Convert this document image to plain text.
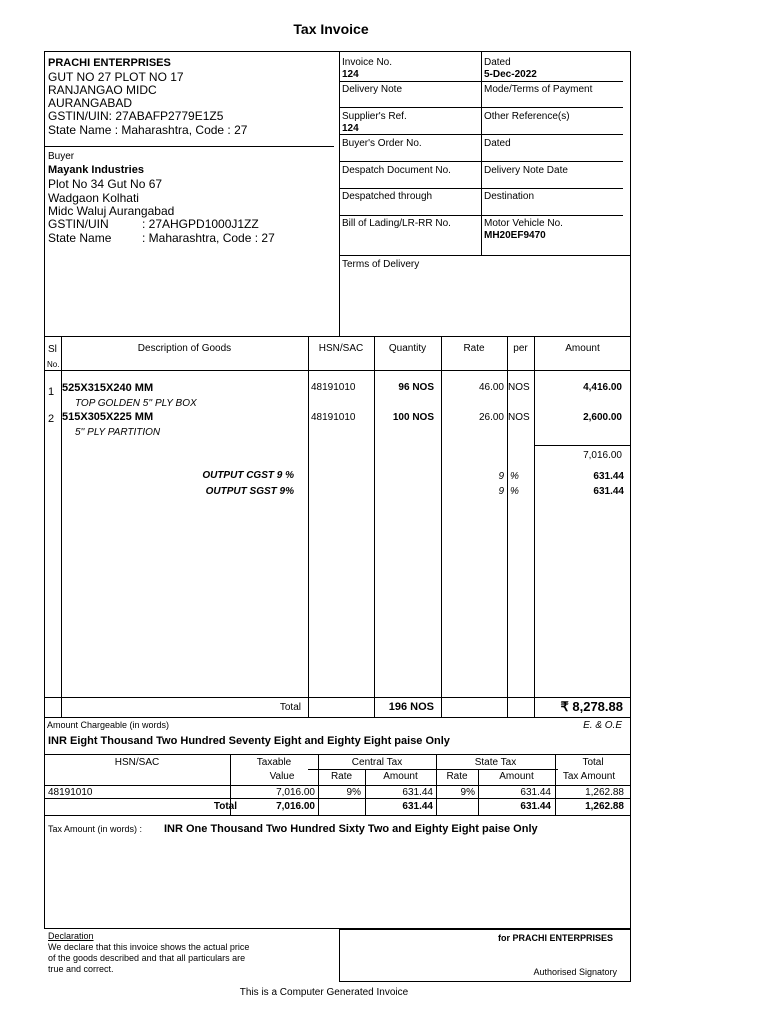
Tax Invoice
PRACHI ENTERPRISES
GUT NO 27 PLOT NO 17
RANJANGAO MIDC
AURANGABAD
GSTIN/UIN: 27ABAFP2779E1Z5
State Name : Maharashtra, Code : 27
Buyer
Mayank Industries
Plot No 34 Gut No 67
Wadgaon Kolhati
Midc Waluj Aurangabad
GSTIN/UIN	: 27AHGPD1000J1ZZ
State Name	: Maharashtra, Code : 27
Invoice No.
124
Dated
5-Dec-2022
Delivery Note	Mode/Terms of Payment
Supplier's Ref.
124
Other Reference(s)
Buyer's Order No.	Dated
Despatch Document No.	Delivery Note Date
Despatched through	Destination
Bill of Lading/LR-RR No.	Motor Vehicle No.
MH20EF9470
Terms of Delivery
Sl
No.
Description of Goods	HSN/SAC	Quantity	Rate	per	Amount
1 525X315X240 MM
TOP GOLDEN 5'' PLY BOX
48191010	96 NOS	46.00 NOS	4,416.00
2 515X305X225 MM
5'' PLY PARTITION
48191010	100 NOS	26.00 NOS	2,600.00
7,016.00
OUTPUT CGST 9 %	9 %	631.44
OUTPUT SGST 9%	9 %	631.44
Total	196 NOS	₹ 8,278.88
Amount Chargeable (in words)	E. & O.E
INR Eight Thousand Two Hundred Seventy Eight and Eighty Eight paise Only
HSN/SAC	Taxable
Value
Central Tax	State Tax	Total
Tax Amount
Rate	Amount	Rate	Amount
48191010	7,016.00	9%	631.44	9%	631.44	1,262.88
Total	7,016.00	631.44	631.44	1,262.88
Tax Amount (in words) : INR One Thousand Two Hundred Sixty Two and Eighty Eight paise Only
Declaration
We declare that this invoice shows the actual price
of the goods described and that all particulars are
true and correct.
for PRACHI ENTERPRISES
Authorised Signatory
This is a Computer Generated Invoice
